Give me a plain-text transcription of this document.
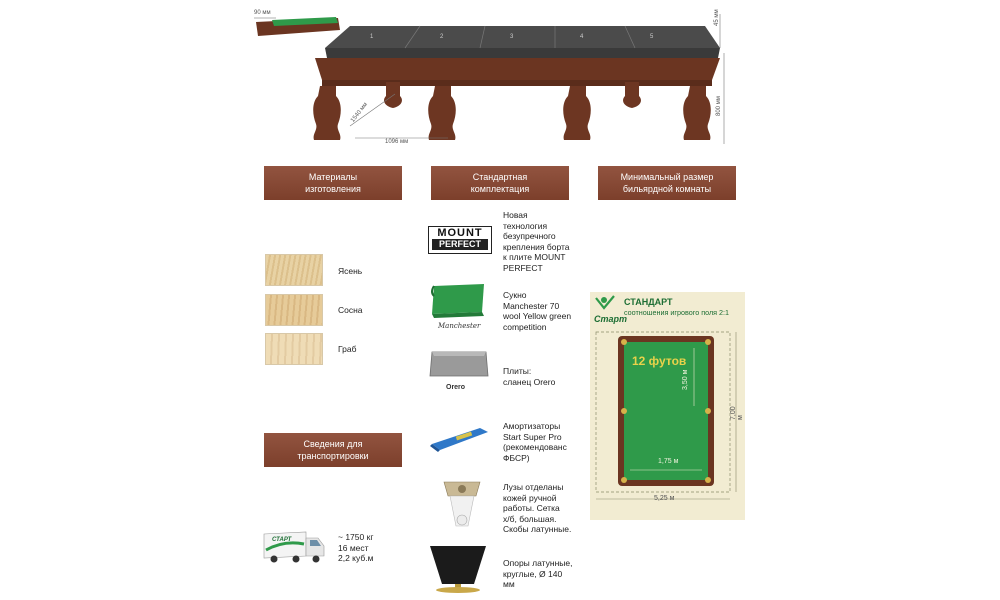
1	2	3	4	5
90 мм	45 мм
800 мм
1540 мм
1096 мм
Материалы
изготовления
Стандартная
комплектация
Минимальный размер
бильярдной комнаты
Сведения для
транспортировки
Ясень
Сосна
Граб
СТАРТ	~ 1750 кг
16 мест
2,2 куб.м
MOUNT
PERFECT
Новая
технология
безупречного
крепления борта
к плите MOUNT
PERFECT
Manchester
Сукно
Manchester 70
wool Yellow green
competition
Orero
Плиты:
сланец Orero
Амортизаторы
Start Super Pro
(рекомендованс
ФБСР)
Лузы отделаны
кожей ручной
работы. Сетка
х/б, большая.
Скобы латунные.
Опоры латунные,
круглые, Ø 140
мм
Старт
СТАНДАРТ
соотношения игрового поля 2:1
12 футов
3,50 м
1,75 м
7,00 м
5,25 м
